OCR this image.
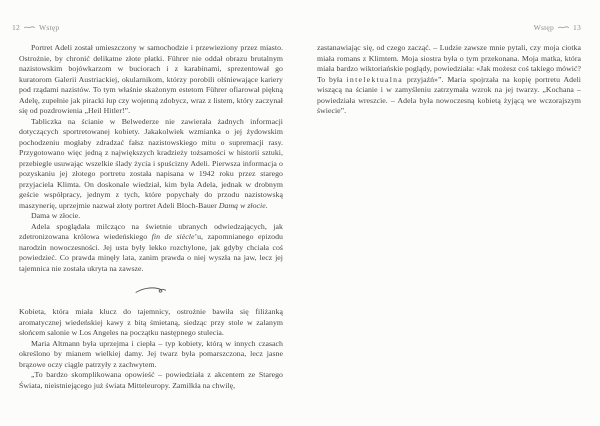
12	Wstęp

Portret Adeli został umieszczony w samochodzie i przewieziony przez miasto. Ostrożnie, by chronić delikatne złote płatki. Führer nie oddał obrazu brutalnym nazistowskim bojówkarzom w buciorach i z karabinami, sprezentował go kuratorom Galerii Austriackiej, okularnikom, którzy porobili olśniewające kariery pod rządami nazistów. To tym właśnie skażonym estetom Führer ofiarował piękną Adelę, zupełnie jak piracki łup czy wojenną zdobycz, wraz z listem, który zaczynał się od pozdrowienia „Heil Hitler!”.

Tabliczka na ścianie w Belwederze nie zawierała żadnych informacji dotyczących sportretowanej kobiety. Jakakolwiek wzmianka o jej żydowskim pochodzeniu mogłaby zdradzać fałsz nazistowskiego mitu o supremacji rasy. Przygotowano więc jedną z największych kradzieży tożsamości w historii sztuki, przebiegle usuwając wszelkie ślady życia i spuścizny Adeli. Pierwsza informacja o pozyskaniu jej złotego portretu została napisana w 1942 roku przez starego przyjaciela Klimta. On doskonale wiedział, kim była Adela, jednak w drobnym geście współpracy, jednym z tych, które popychały do przodu nazistowską maszynerię, uprzejmie nazwał złoty portret Adeli Bloch-Bauer Damą w złocie.

Dama w złocie.

Adela spoglądała milcząco na świetnie ubranych odwiedzających, jak zdetronizowana królowa wiedeńskiego fin de siècle’u, zapomnianego epizodu narodzin nowoczesności. Jej usta były lekko rozchylone, jak gdyby chciała coś powiedzieć. Co prawda minęły lata, zanim prawda o niej wyszła na jaw, lecz jej tajemnica nie została ukryta na zawsze.

Kobieta, która miała klucz do tajemnicy, ostrożnie bawiła się filiżanką aromatycznej wiedeńskiej kawy z bitą śmietaną, siedząc przy stole w zalanym słońcem salonie w Los Angeles na początku następnego stulecia.

Maria Altmann była uprzejma i ciepła – typ kobiety, którą w innych czasach określono by mianem wielkiej damy. Jej twarz była pomarszczona, lecz jasne brązowe oczy ciągle patrzyły z zachwytem.

„To bardzo skomplikowana opowieść – powiedziała z akcentem ze Starego Świata, nieistniejącego już świata Mitteleuropy. Zamilkła na chwilę,

Wstęp	13

zastanawiając się, od czego zacząć. – Ludzie zawsze mnie pytali, czy moja ciotka miała romans z Klimtem. Moja siostra była o tym przekonana. Moja matka, która miała bardzo wiktoriańskie poglądy, powiedziała: «Jak możesz coś takiego mówić? To była intelektualna przyjaźń»”. Maria spojrzała na kopię portretu Adeli wiszącą na ścianie i w zamyśleniu zatrzymała wzrok na jej twarzy. „Kochana – powiedziała wreszcie. – Adela była nowoczesną kobietą żyjącą we wczorajszym świecie”.
